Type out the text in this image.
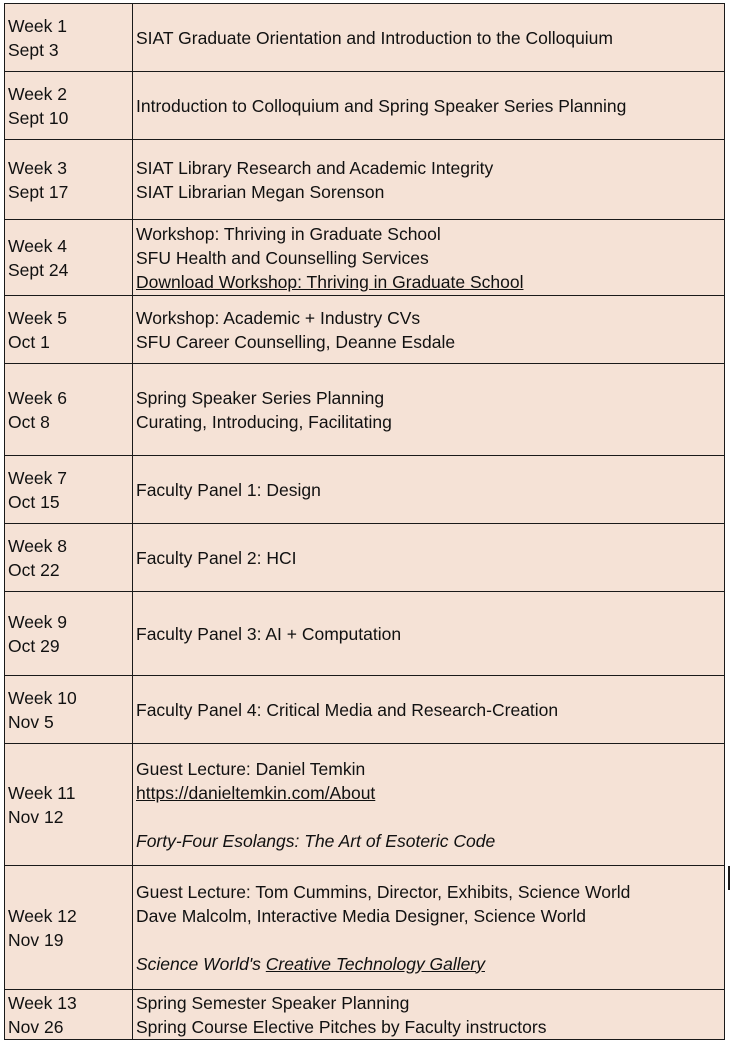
Week 1
Sept 3	SIAT Graduate Orientation and Introduction to the Colloquium

Week 2
Sept 10	Introduction to Colloquium and Spring Speaker Series Planning

Week 3
Sept 17	SIAT Library Research and Academic Integrity
SIAT Librarian Megan Sorenson

Week 4
Sept 24	Workshop: Thriving in Graduate School
SFU Health and Counselling Services
Download Workshop: Thriving in Graduate School

Week 5
Oct 1	Workshop: Academic + Industry CVs
SFU Career Counselling, Deanne Esdale

Week 6
Oct 8	Spring Speaker Series Planning
Curating, Introducing, Facilitating

Week 7
Oct 15	Faculty Panel 1: Design

Week 8
Oct 22	Faculty Panel 2: HCI

Week 9
Oct 29	Faculty Panel 3: AI + Computation

Week 10
Nov 5	Faculty Panel 4: Critical Media and Research-Creation

Week 11
Nov 12	Guest Lecture: Daniel Temkin
https://danieltemkin.com/About
Forty-Four Esolangs: The Art of Esoteric Code

Week 12
Nov 19	Guest Lecture: Tom Cummins, Director, Exhibits, Science World
Dave Malcolm, Interactive Media Designer, Science World
Science World's Creative Technology Gallery

Week 13
Nov 26	Spring Semester Speaker Planning
Spring Course Elective Pitches by Faculty instructors
